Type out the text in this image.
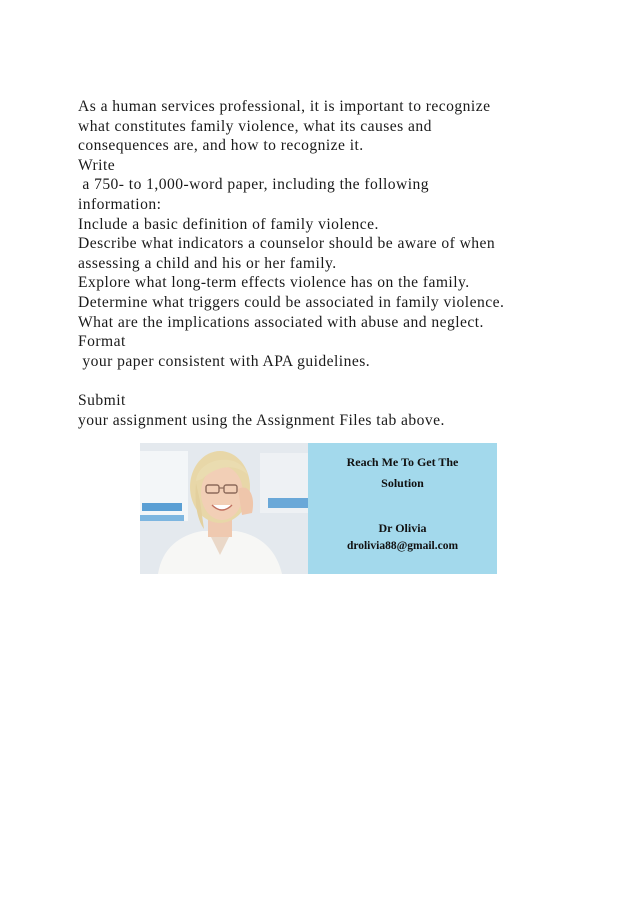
As a human services professional, it is important to recognize
what constitutes family violence, what its causes and
consequences are, and how to recognize it.
Write
a 750- to 1,000-word paper, including the following
information:
Include a basic definition of family violence.
Describe what indicators a counselor should be aware of when
assessing a child and his or her family.
Explore what long-term effects violence has on the family.
Determine what triggers could be associated in family violence.
What are the implications associated with abuse and neglect.
Format
your paper consistent with APA guidelines.
Submit
your assignment using the Assignment Files tab above.
Reach Me To Get The
Solution
Dr Olivia
drolivia88@gmail.com
